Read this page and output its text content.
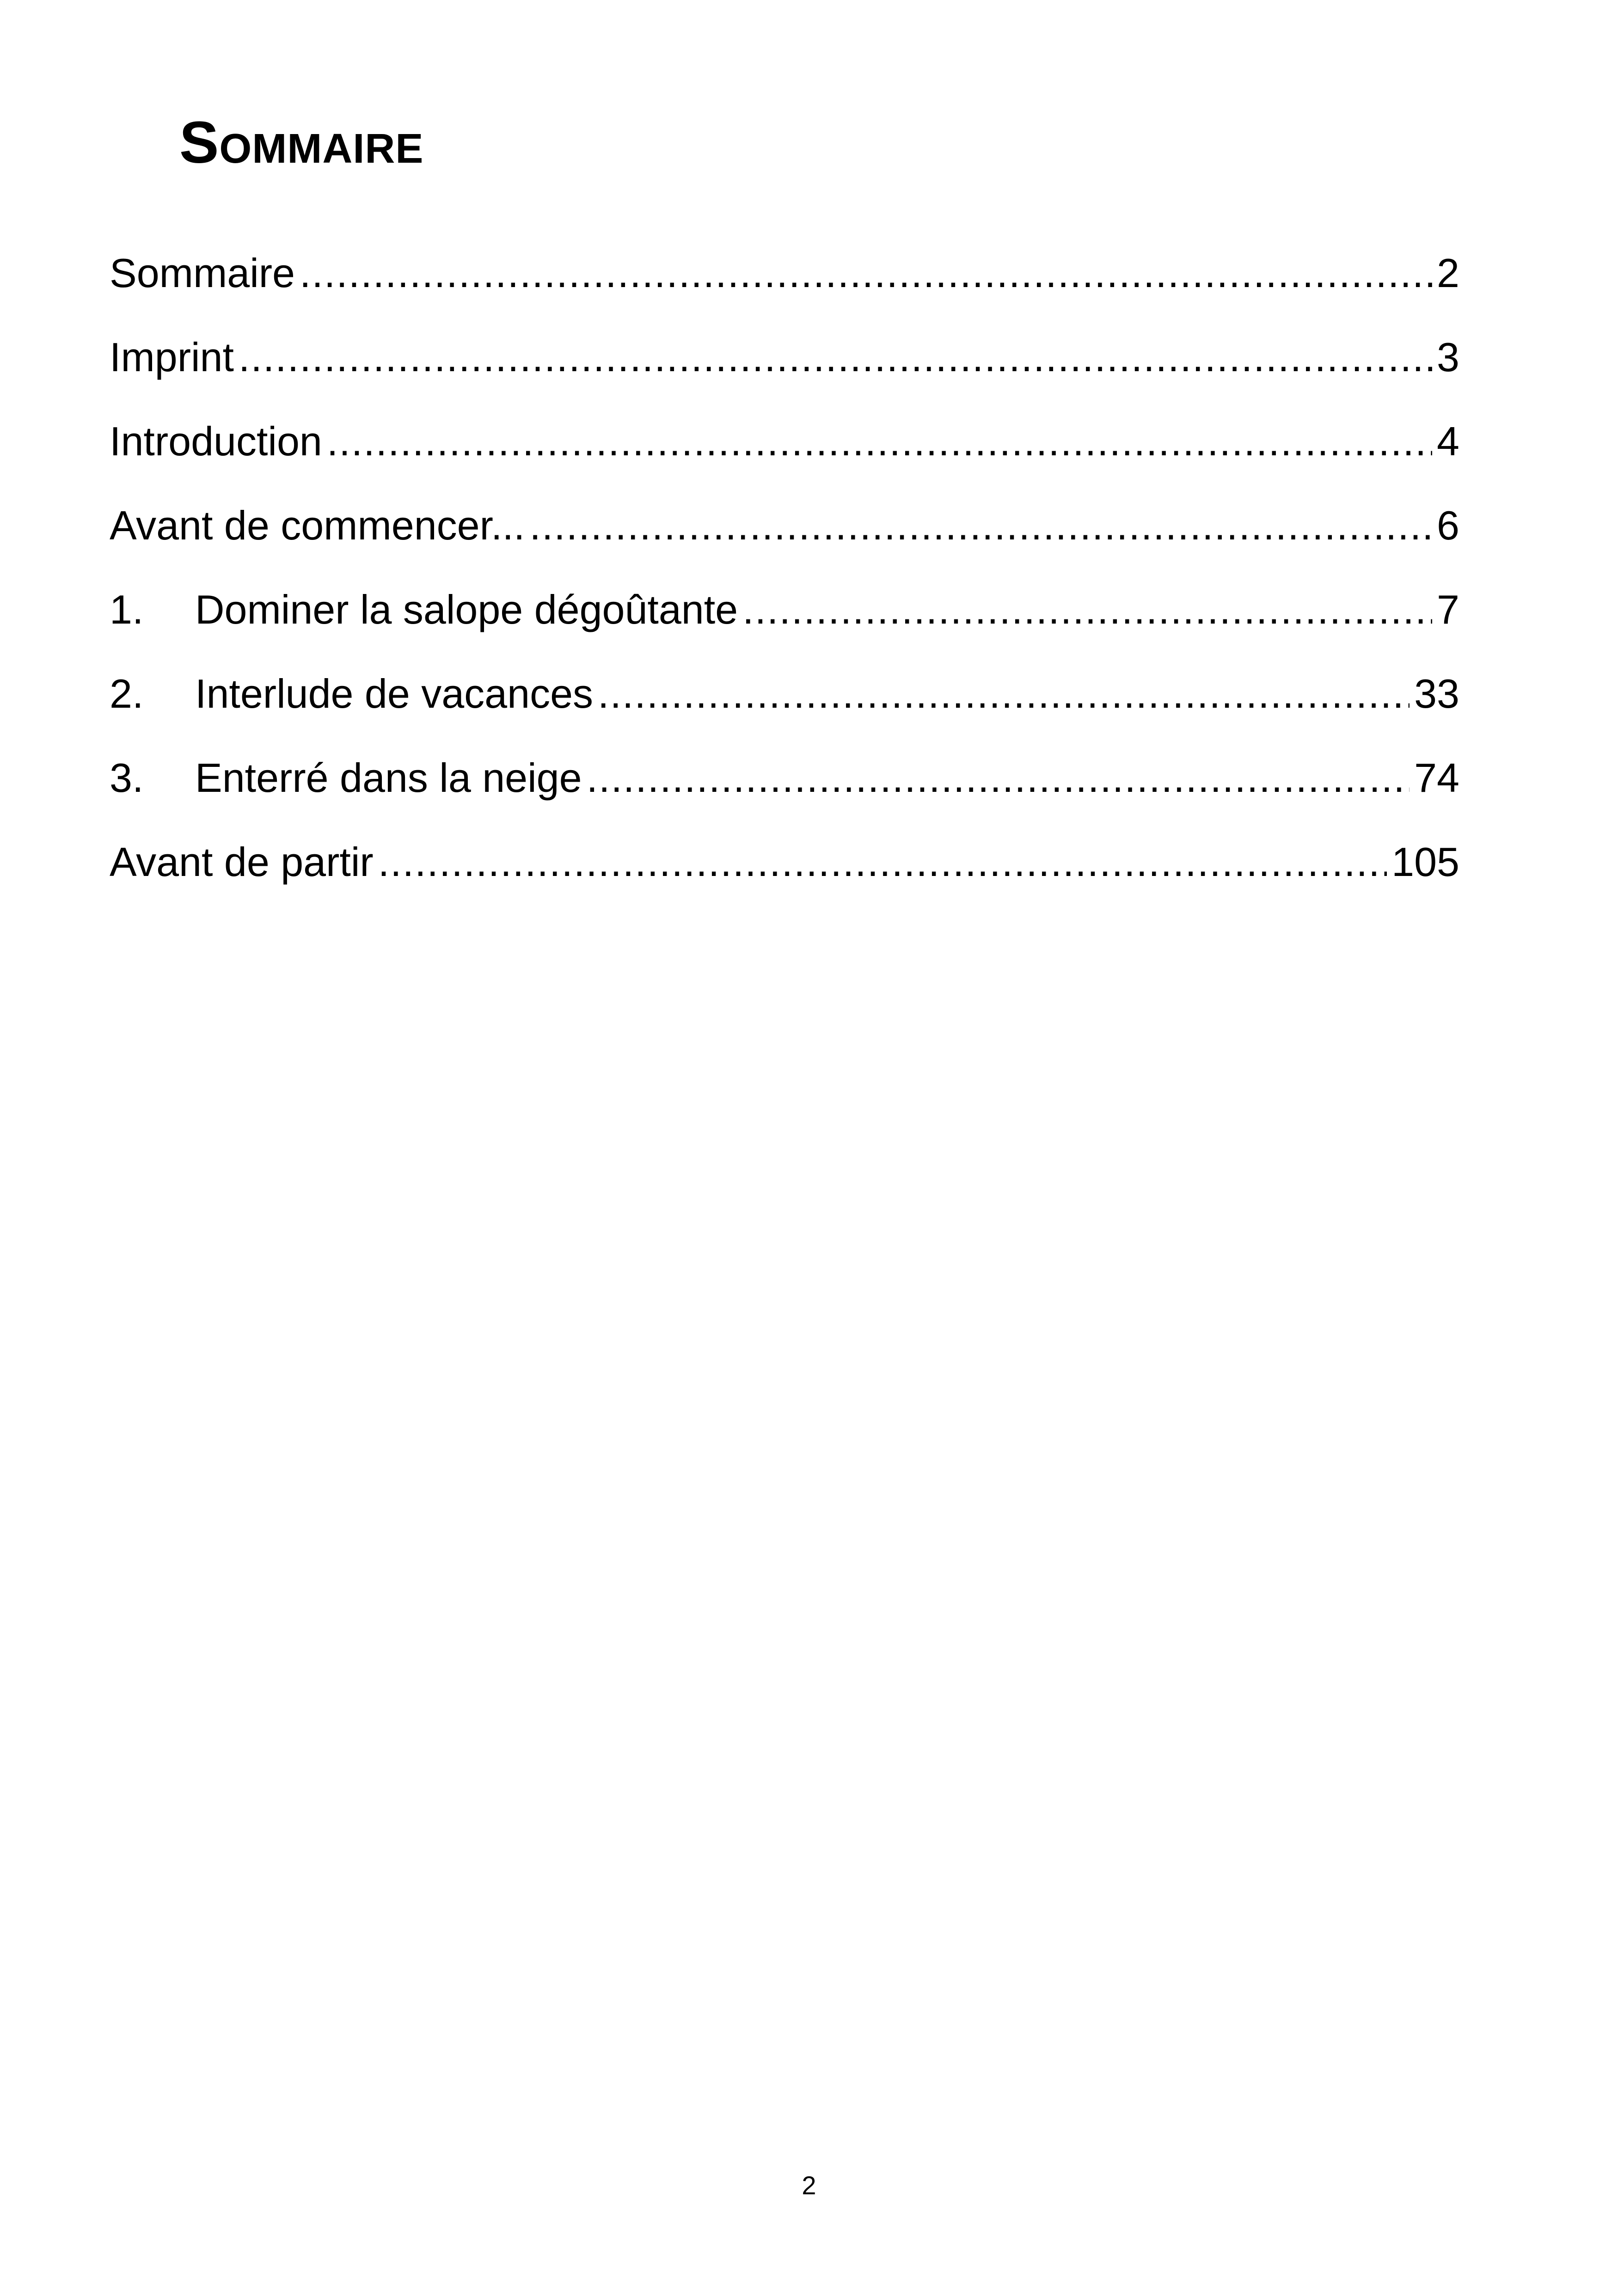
Sommaire
Sommaire .....	2
Imprint .....	3
Introduction .....	4
Avant de commencer... .....	6
1.	Dominer la salope dégoûtante .....	7
2.	Interlude de vacances .....	33
3.	Enterré dans la neige .....	74
Avant de partir .....	105
2
